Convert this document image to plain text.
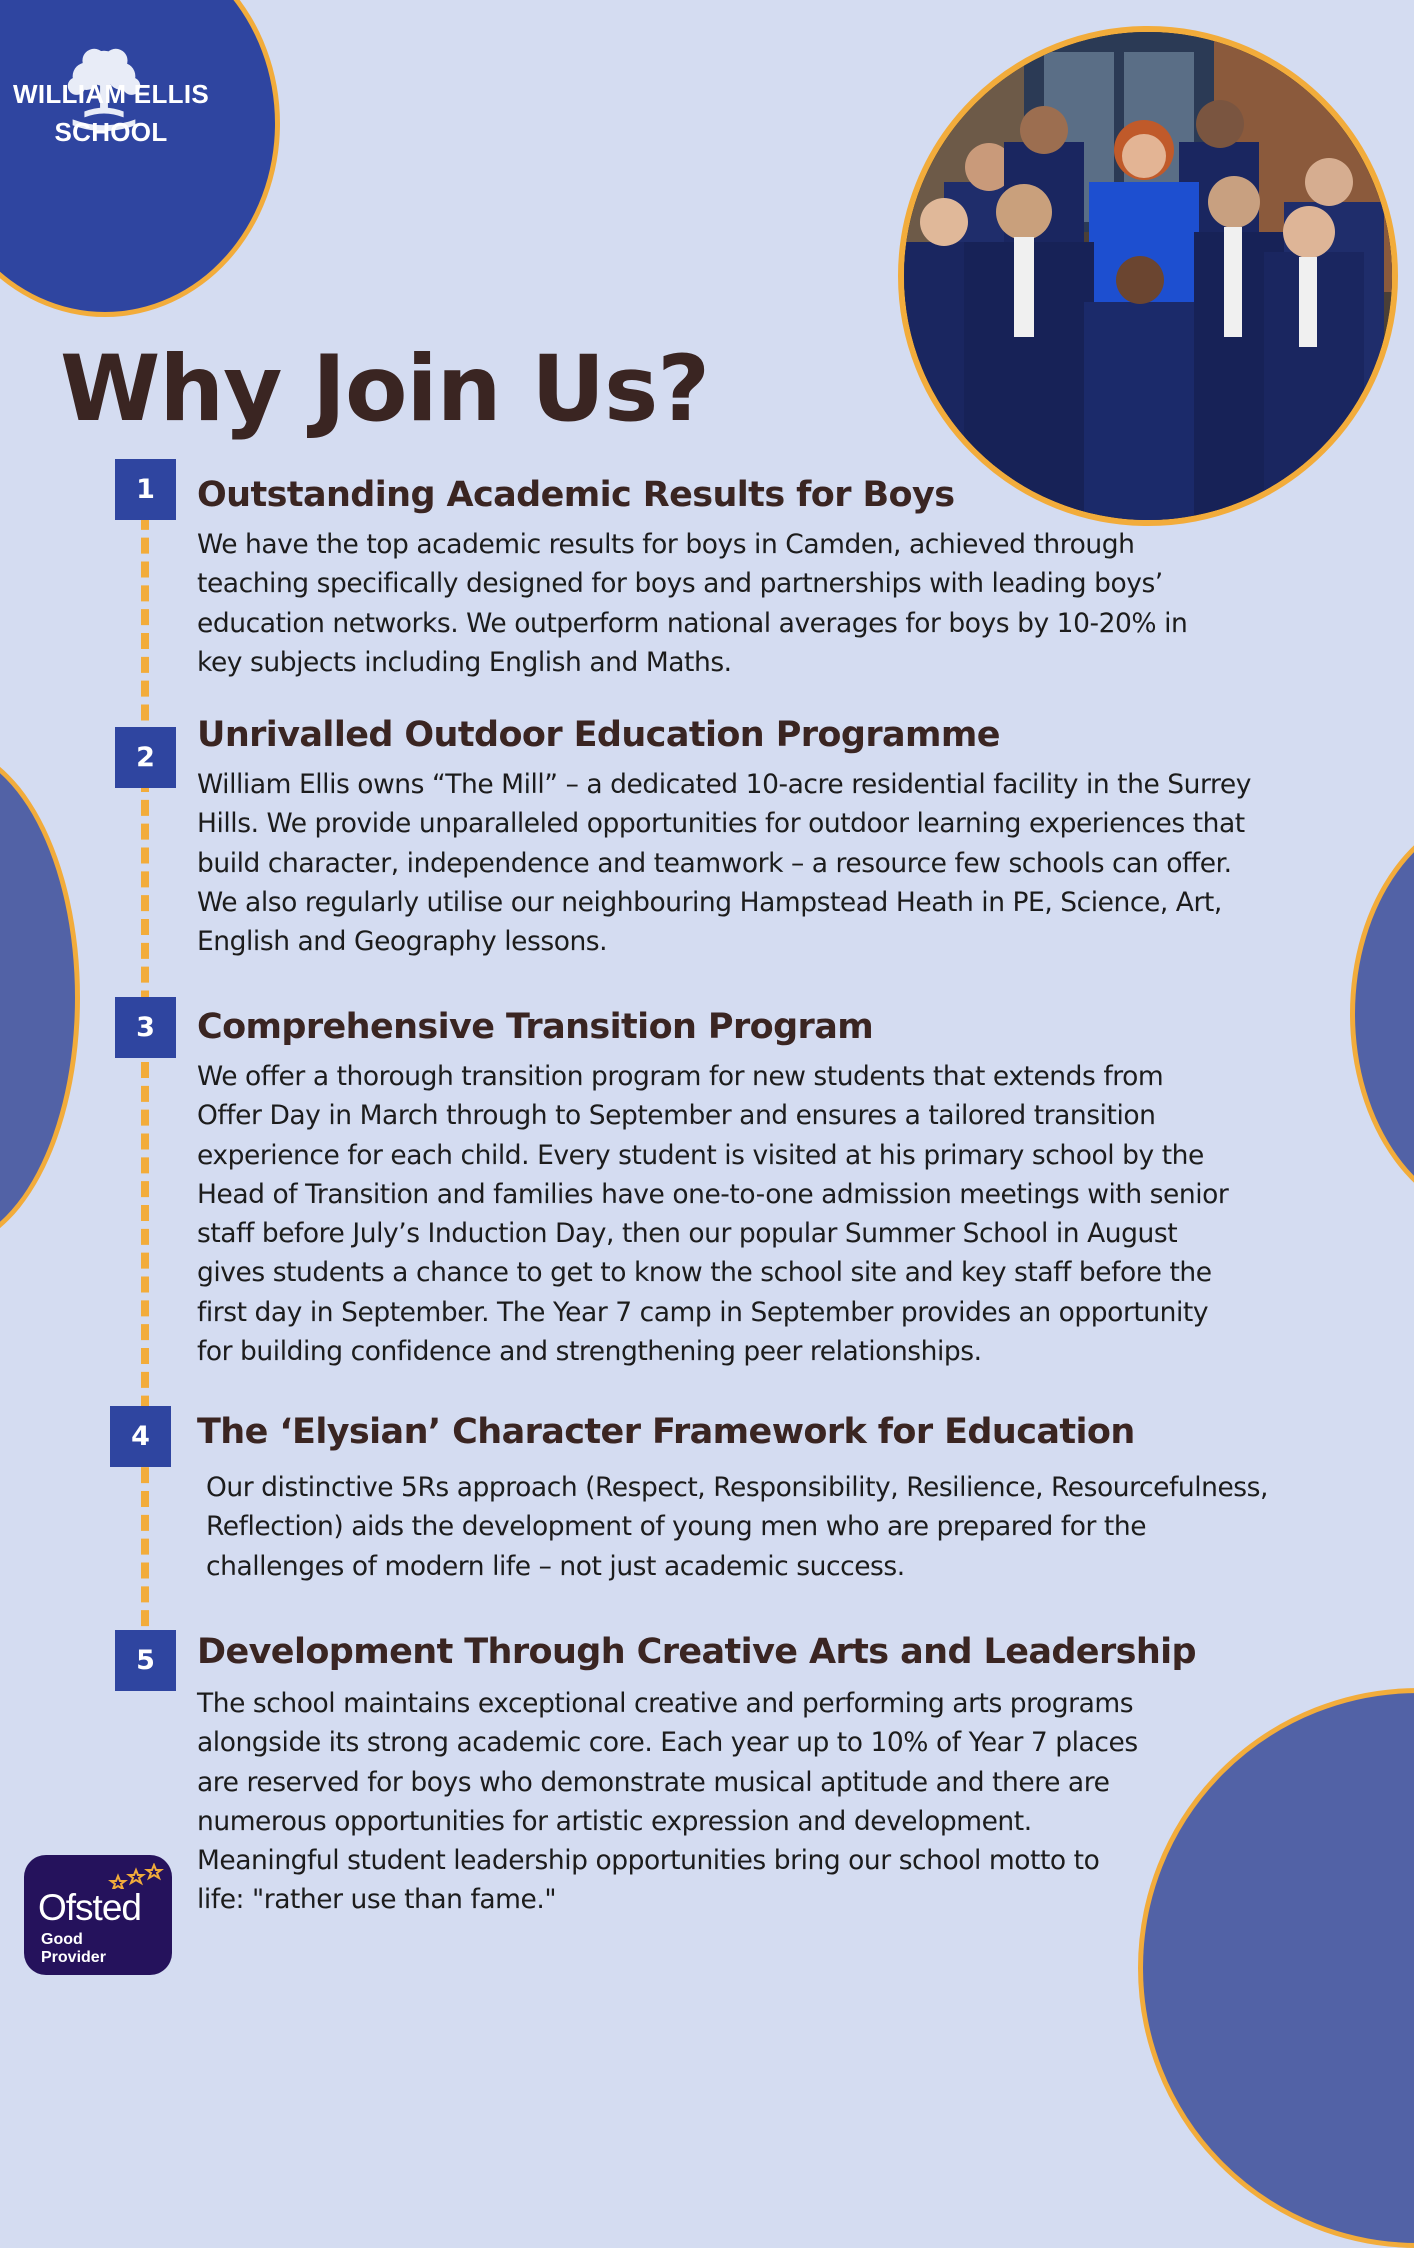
WILLIAM ELLIS
SCHOOL
Why Join Us?
1	Outstanding Academic Results for Boys

We have the top academic results for boys in Camden, achieved through
teaching specifically designed for boys and partnerships with leading boys’
education networks. We outperform national averages for boys by 10-20% in
key subjects including English and Maths.

2
Unrivalled Outdoor Education Programme

William Ellis owns “The Mill” – a dedicated 10-acre residential facility in the Surrey
Hills. We provide unparalleled opportunities for outdoor learning experiences that
build character, independence and teamwork – a resource few schools can offer.
We also regularly utilise our neighbouring Hampstead Heath in PE, Science, Art,
English and Geography lessons.

3	Comprehensive Transition Program

We offer a thorough transition program for new students that extends from
Offer Day in March through to September and ensures a tailored transition
experience for each child. Every student is visited at his primary school by the
Head of Transition and families have one-to-one admission meetings with senior
staff before July’s Induction Day, then our popular Summer School in August
gives students a chance to get to know the school site and key staff before the
first day in September. The Year 7 camp in September provides an opportunity
for building confidence and strengthening peer relationships.

4	The ‘Elysian’ Character Framework for Education

Our distinctive 5Rs approach (Respect, Responsibility, Resilience, Resourcefulness,
Reflection) aids the development of young men who are prepared for the
challenges of modern life – not just academic success.

5	Development Through Creative Arts and Leadership

The school maintains exceptional creative and performing arts programs
alongside its strong academic core. Each year up to 10% of Year 7 places
are reserved for boys who demonstrate musical aptitude and there are
numerous opportunities for artistic expression and development.
Meaningful student leadership opportunities bring our school motto to
life: "rather use than fame."

Ofsted
Good
Provider
